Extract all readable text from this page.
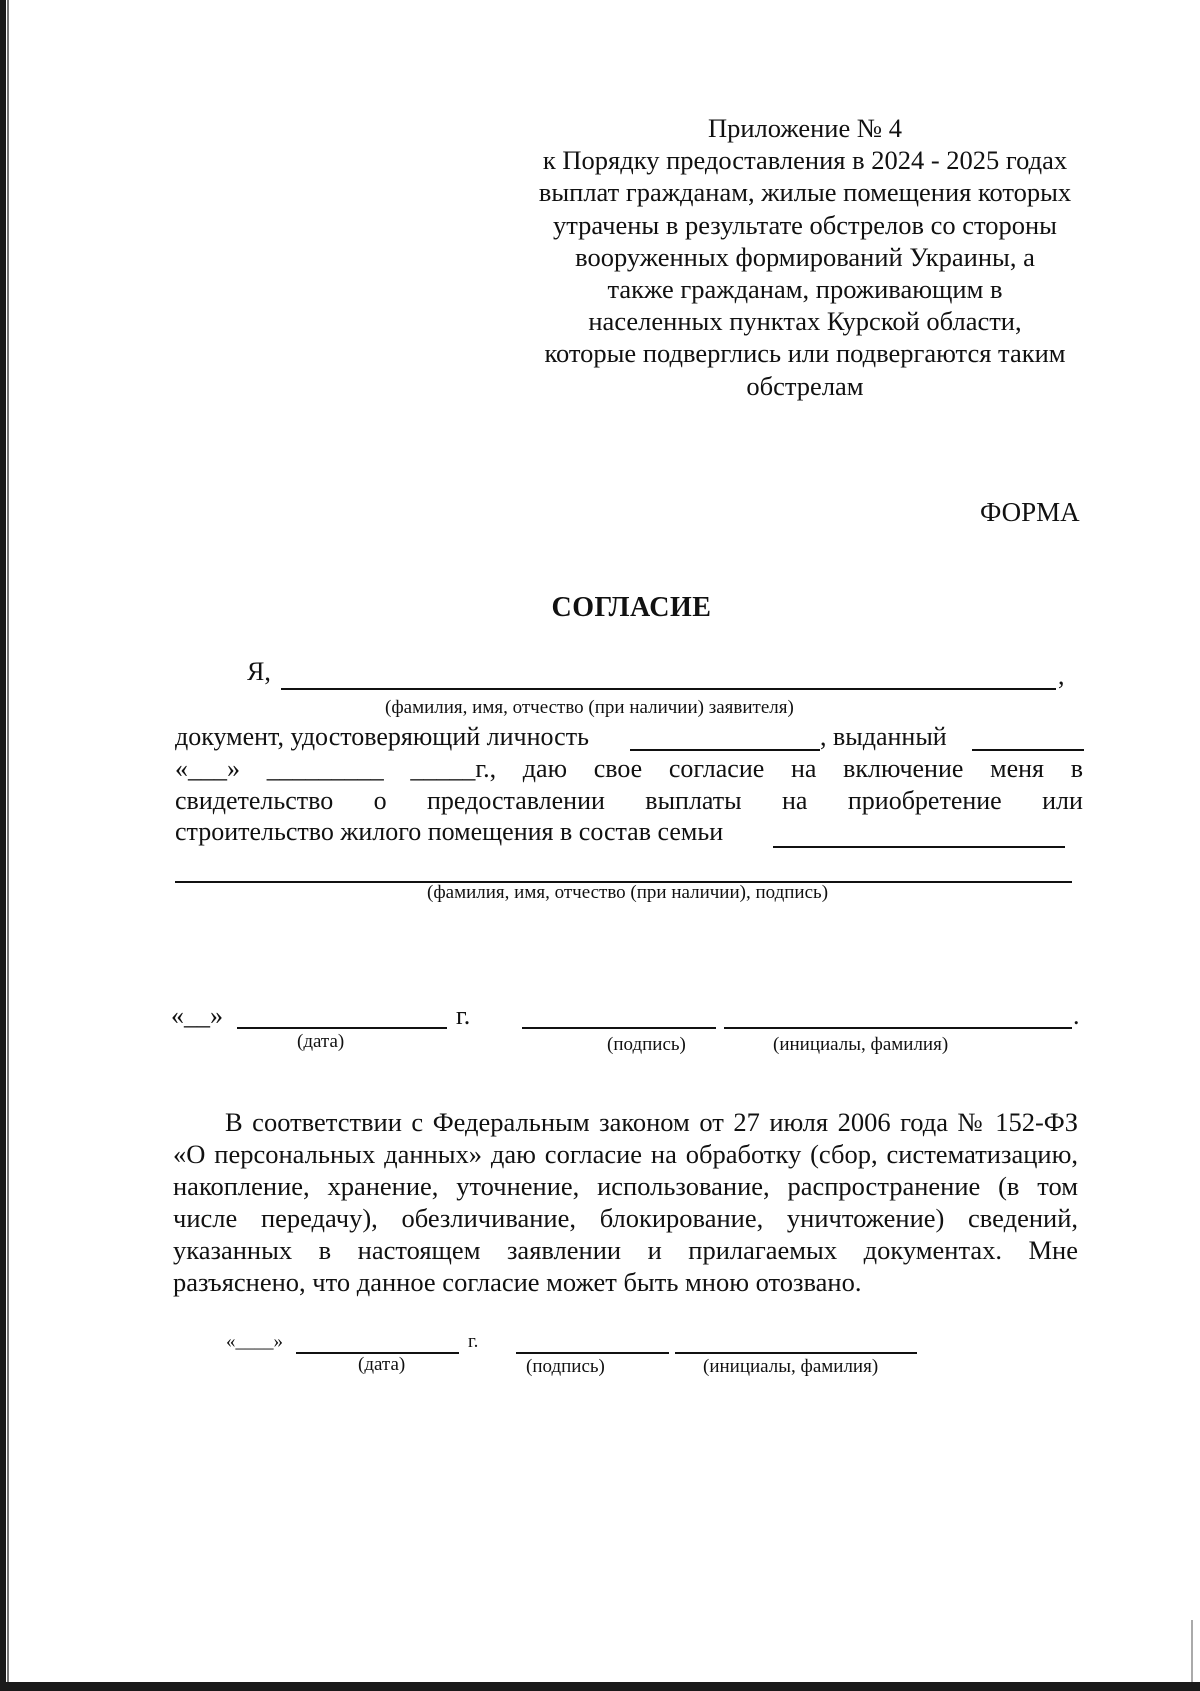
Приложение № 4
к Порядку предоставления в 2024 - 2025 годах
выплат гражданам, жилые помещения которых
утрачены в результате обстрелов со стороны
вооруженных формирований Украины, а
также гражданам, проживающим в
населенных пунктах Курской области,
которые подверглись или подвергаются таким
обстрелам
ФОРМА
СОГЛАСИЕ
Я,	,
(фамилия, имя, отчество (при наличии) заявителя)
документ, удостоверяющий личность	, выданный
«___» _________ _____г., даю свое согласие на включение меня в
свидетельство о предоставлении выплаты на приобретение или
строительство жилого помещения в состав семьи
(фамилия, имя, отчество (при наличии), подпись)
«__»	г.	.
(дата)	(подпись)	(инициалы, фамилия)
В соответствии с Федеральным законом от 27 июля 2006 года № 152-ФЗ «О персональных данных» даю согласие на обработку (сбор, систематизацию, накопление, хранение, уточнение, использование, распространение (в том числе передачу), обезличивание, блокирование, уничтожение) сведений, указанных в настоящем заявлении и прилагаемых документах. Мне разъяснено, что данное согласие может быть мною отозвано.
«____»	г.
(дата)	(подпись)	(инициалы, фамилия)
